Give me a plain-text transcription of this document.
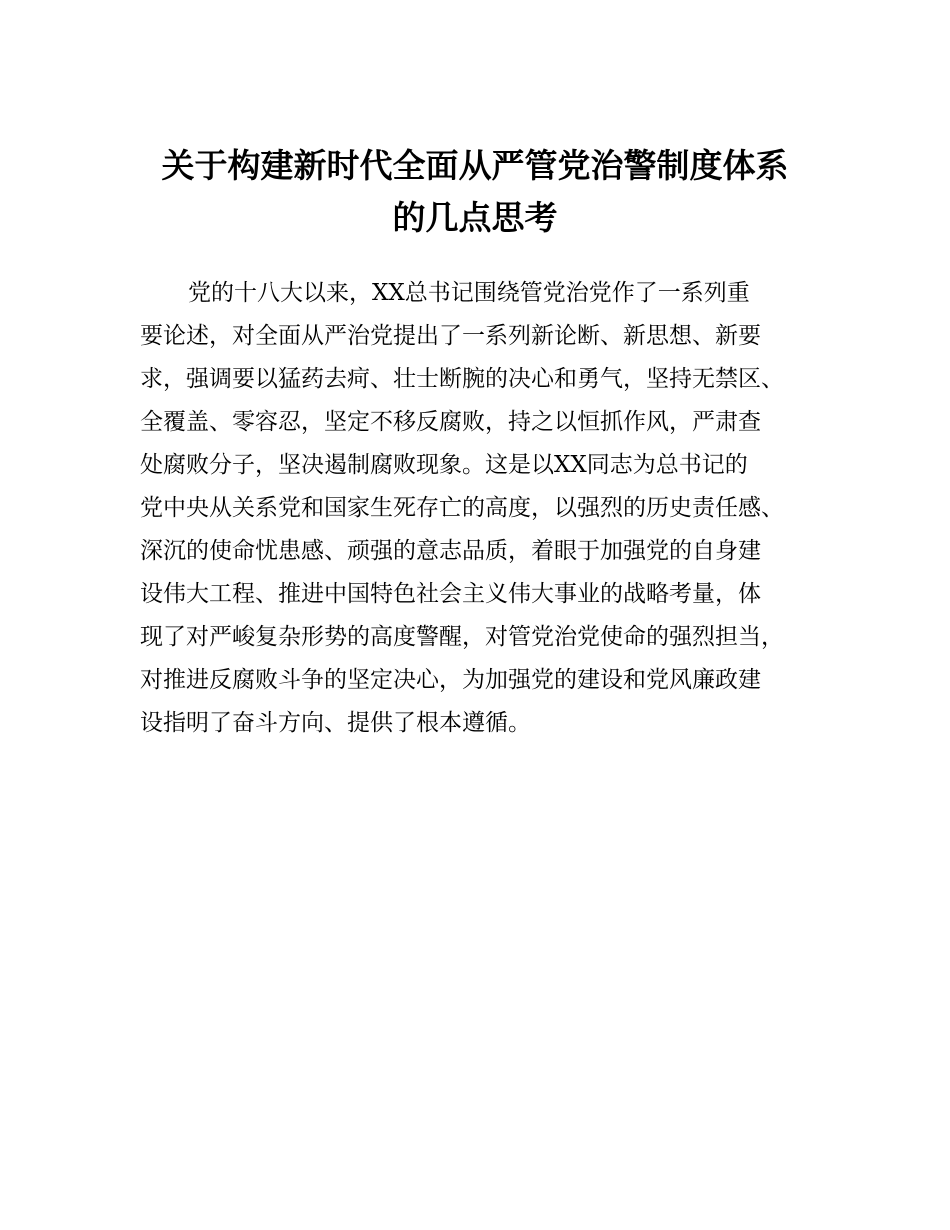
关于构建新时代全面从严管党治警制度体系
的几点思考
党的十八大以来，XX总书记围绕管党治党作了一系列重
要论述，对全面从严治党提出了一系列新论断、新思想、新要
求，强调要以猛药去疴、壮士断腕的决心和勇气，坚持无禁区、
全覆盖、零容忍，坚定不移反腐败，持之以恒抓作风，严肃查
处腐败分子，坚决遏制腐败现象。这是以XX同志为总书记的
党中央从关系党和国家生死存亡的高度，以强烈的历史责任感、
深沉的使命忧患感、顽强的意志品质，着眼于加强党的自身建
设伟大工程、推进中国特色社会主义伟大事业的战略考量，体
现了对严峻复杂形势的高度警醒，对管党治党使命的强烈担当，
对推进反腐败斗争的坚定决心，为加强党的建设和党风廉政建
设指明了奋斗方向、提供了根本遵循。
